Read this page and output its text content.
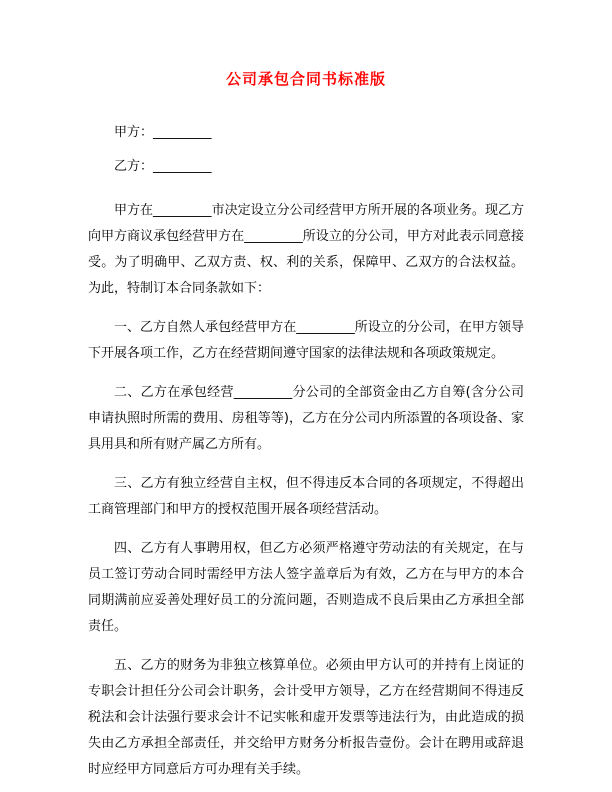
公司承包合同书标准版

甲方：_________

乙方：_________

甲方在_________市决定设立分公司经营甲方所开展的各项业务。现乙方向甲方商议承包经营甲方在_________所设立的分公司，甲方对此表示同意接受。为了明确甲、乙双方责、权、利的关系，保障甲、乙双方的合法权益。为此，特制订本合同条款如下：

一、乙方自然人承包经营甲方在_________所设立的分公司，在甲方领导下开展各项工作，乙方在经营期间遵守国家的法律法规和各项政策规定。

二、乙方在承包经营_________分公司的全部资金由乙方自筹(含分公司申请执照时所需的费用、房租等等)，乙方在分公司内所添置的各项设备、家具用具和所有财产属乙方所有。

三、乙方有独立经营自主权，但不得违反本合同的各项规定，不得超出工商管理部门和甲方的授权范围开展各项经营活动。

四、乙方有人事聘用权，但乙方必须严格遵守劳动法的有关规定，在与员工签订劳动合同时需经甲方法人签字盖章后为有效，乙方在与甲方的本合同期满前应妥善处理好员工的分流问题，否则造成不良后果由乙方承担全部责任。

五、乙方的财务为非独立核算单位。必须由甲方认可的并持有上岗证的专职会计担任分公司会计职务，会计受甲方领导，乙方在经营期间不得违反税法和会计法强行要求会计不记实帐和虚开发票等违法行为，由此造成的损失由乙方承担全部责任，并交给甲方财务分析报告壹份。会计在聘用或辞退时应经甲方同意后方可办理有关手续。
